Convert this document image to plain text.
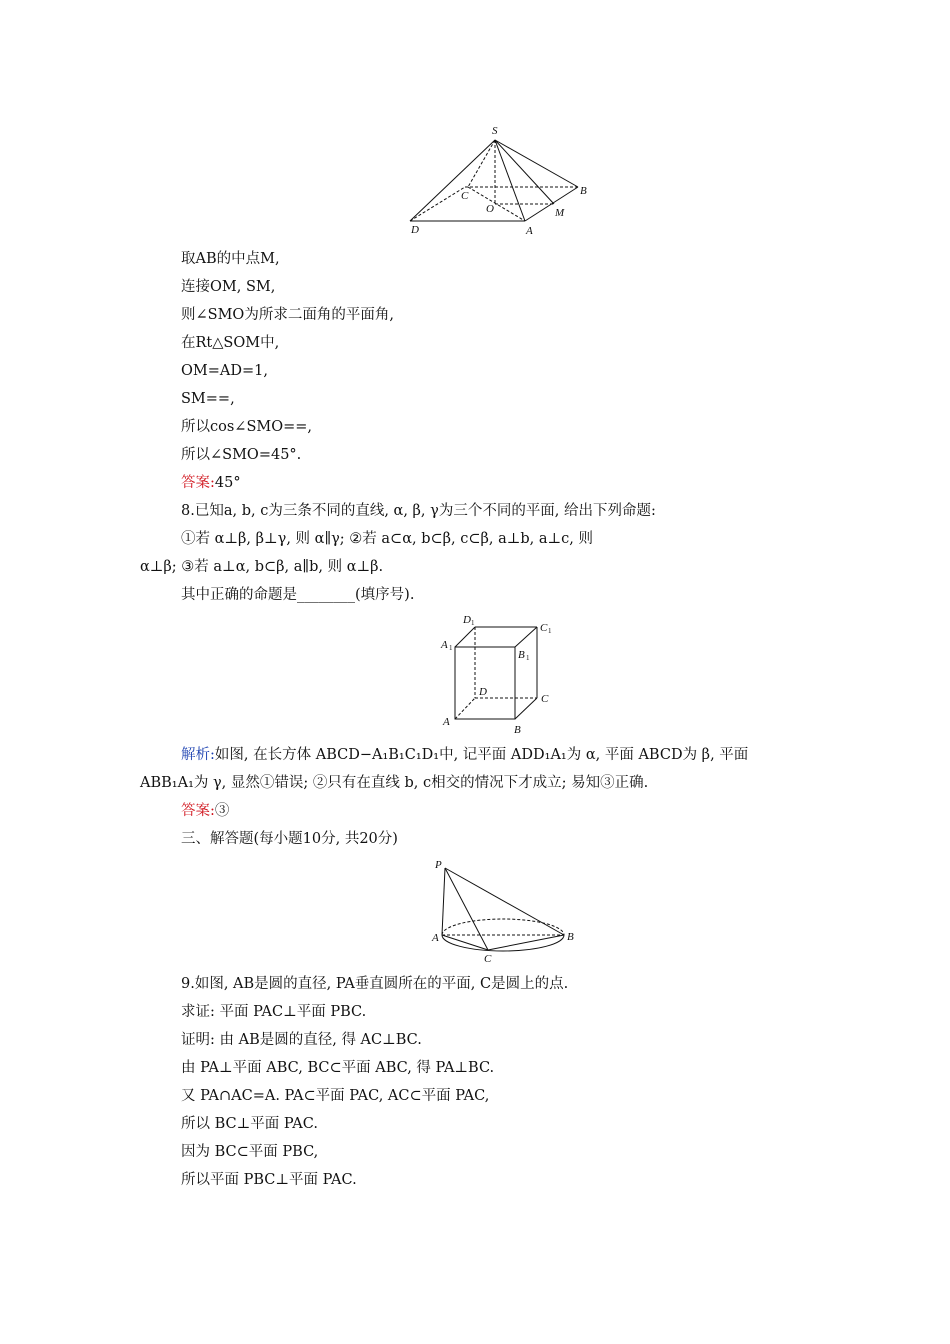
S
C
O
B
M
D	A
取AB的中点M,
连接OM, SM,
则∠SMO为所求二面角的平面角,
在Rt△SOM中,
OM=AD=1,
SM==,
所以cos∠SMO==,
所以∠SMO=45°.
答案:45°
8.已知a, b, c为三条不同的直线, α, β, γ为三个不同的平面, 给出下列命题:
①若 α⊥β, β⊥γ, 则 α∥γ; ②若 a⊂α, b⊂β, c⊂β, a⊥b, a⊥c, 则
α⊥β; ③若 a⊥α, b⊂β, a∥b, 则 α⊥β.
其中正确的命题是________(填序号).
D 1	C 1
A 1
B 1
D
C
A
B
解析:如图, 在长方体 ABCD−A₁B₁C₁D₁中, 记平面 ADD₁A₁为 α, 平面 ABCD为 β, 平面
ABB₁A₁为 γ, 显然①错误; ②只有在直线 b, c相交的情况下才成立; 易知③正确.
答案:③
三、解答题(每小题10分, 共20分)
P
A	B
C
9.如图, AB是圆的直径, PA垂直圆所在的平面, C是圆上的点.
求证: 平面 PAC⊥平面 PBC.
证明: 由 AB是圆的直径, 得 AC⊥BC.
由 PA⊥平面 ABC, BC⊂平面 ABC, 得 PA⊥BC.
又 PA∩AC=A. PA⊂平面 PAC, AC⊂平面 PAC,
所以 BC⊥平面 PAC.
因为 BC⊂平面 PBC,
所以平面 PBC⊥平面 PAC.
